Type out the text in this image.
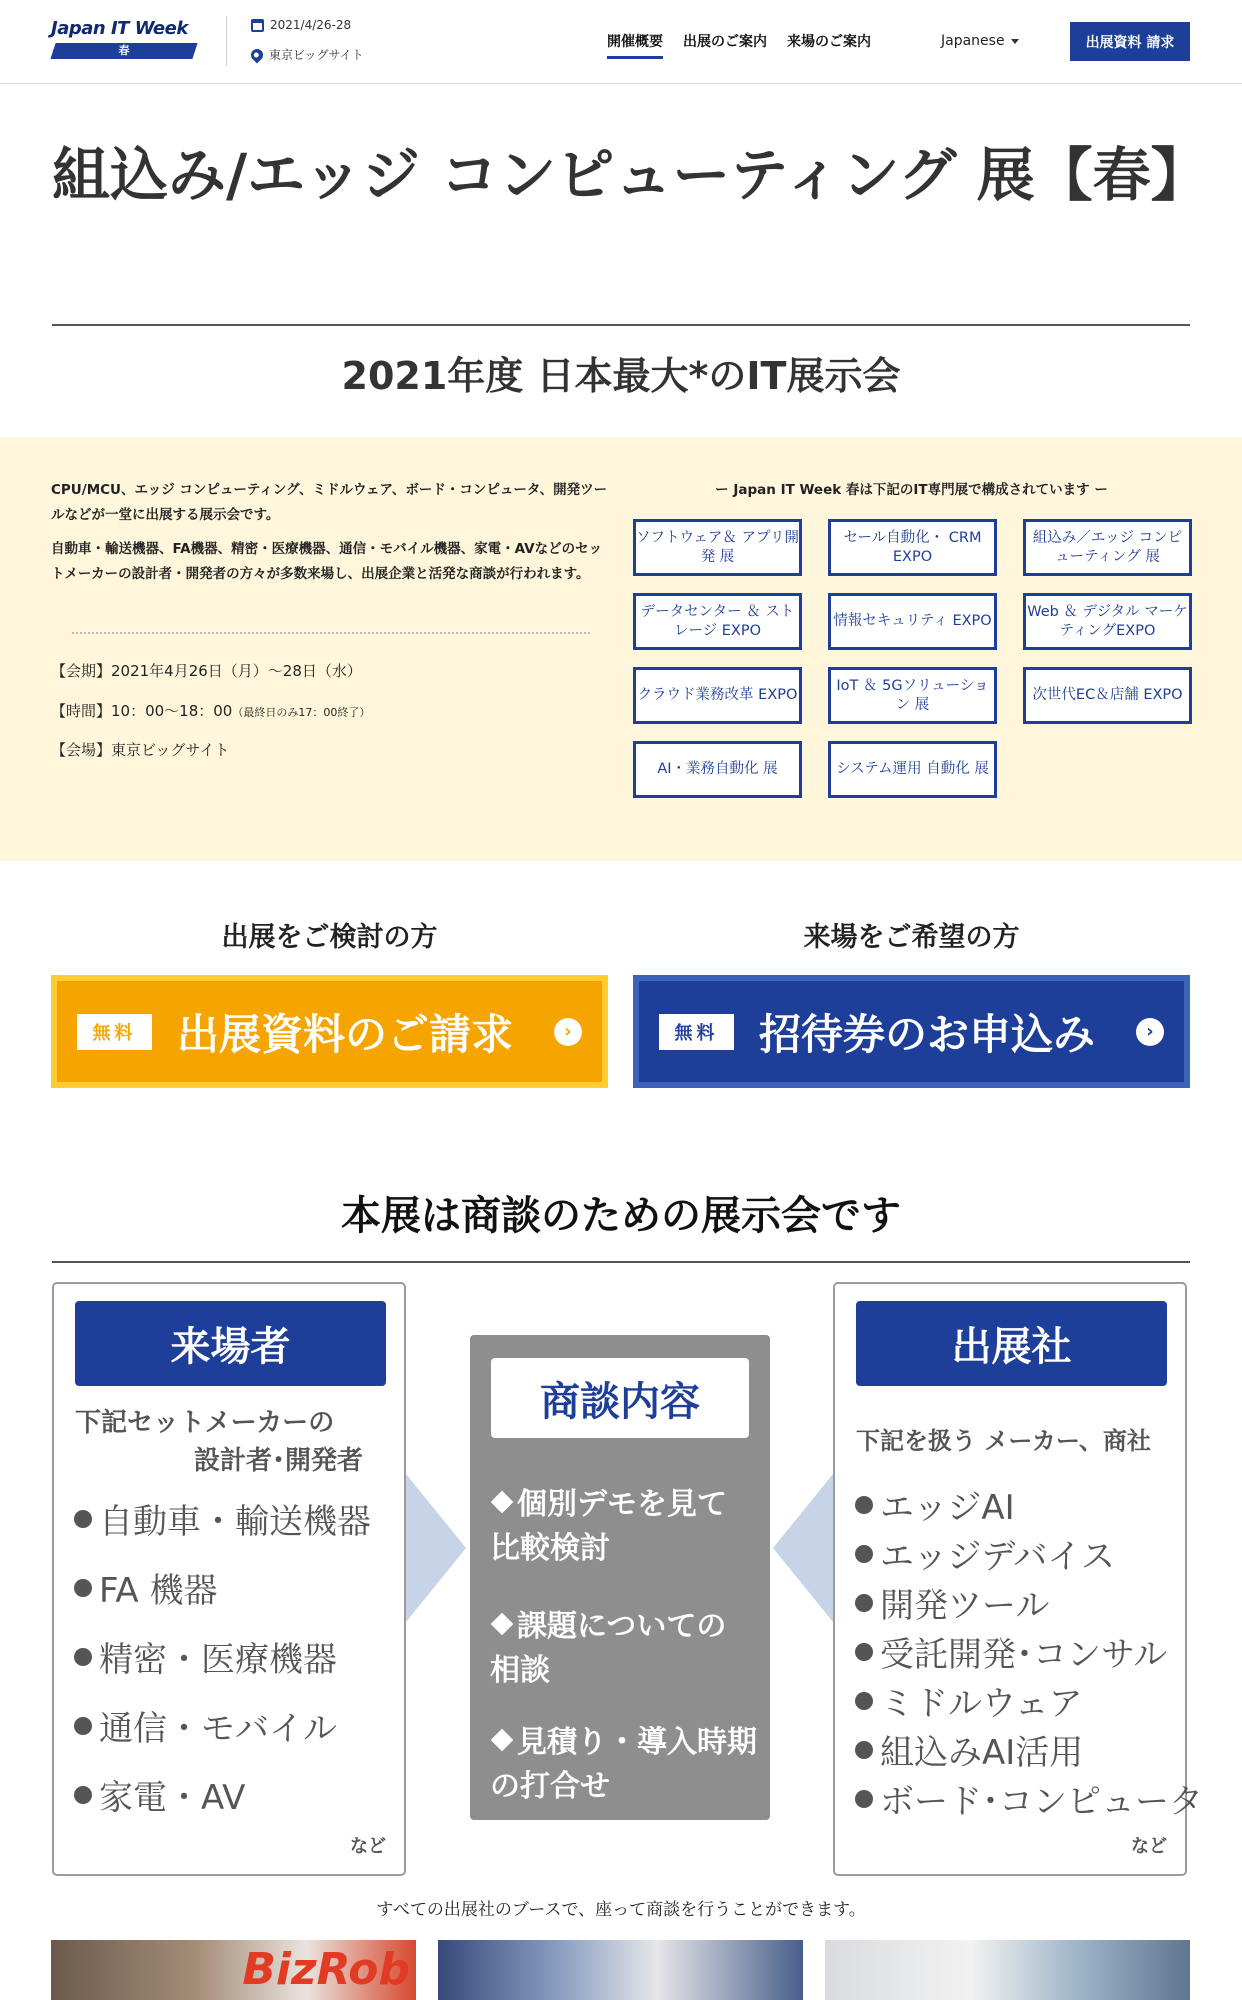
Japan IT Week
春
2021/4/26-28
東京ビッグサイト
開催概要 出展のご案内 来場のご案内	Japanese	出展資料 請求
組込み/エッジ コンピューティング 展【春】
2021年度 日本最大*のIT展示会

CPU/MCU、エッジ コンピューティング、ミドルウェア、ボード・コンピュータ、開発ツールなどが一堂に出展する展示会です。

自動車・輸送機器、FA機器、精密・医療機器、通信・モバイル機器、家電・AVなどのセットメーカーの設計者・開発者の方々が多数来場し、出展企業と活発な商談が行われます。

【会期】2021年4月26日（月）～28日（水）
【時間】10：00～18：00（最終日のみ17：00終了）
【会場】東京ビッグサイト
ー Japan IT Week 春は下記のIT専門展で構成されています ー
ソフトウェア＆ アプリ開発 展
セール自動化・ CRM EXPO
組込み／エッジ コンピューティング 展
データセンター ＆ ストレージ EXPO
情報セキュリティ EXPO
Web ＆ デジタル マーケティングEXPO
クラウド業務改革 EXPO
IoT ＆ 5Gソリューション 展
次世代EC＆店舗 EXPO
AI・業務自動化 展	システム運用 自動化 展
出展をご検討の方	来場をご希望の方
無料 出展資料のご請求	›	無料 招待券のお申込み	›
本展は商談のための展示会です
来場者
下記セットメーカーの
設計者･開発者
自動車・輸送機器
FA 機器
精密・医療機器
通信・モバイル
家電・AV
など
商談内容
個別デモを見て 比較検討
課題についての 相談
見積り・導入時期 の打合せ
出展社
下記を扱う メーカー、商社
エッジAI
エッジデバイス
開発ツール
受託開発･コンサル
ミドルウェア
組込みAI活用
ボード･コンピュータ
など
すべての出展社のブースで、座って商談を行うことができます。
BizRob
